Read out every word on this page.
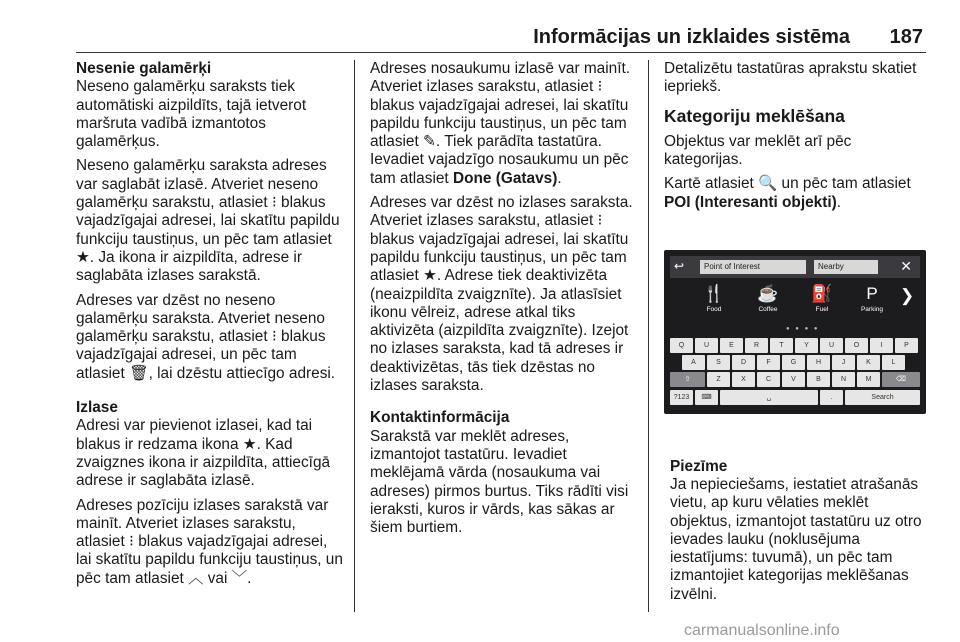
Informācijas un izklaides sistēma 187
Nesenie galamērķi

Neseno galamērķu saraksts tiek automātiski aizpildīts, tajā ietverot maršruta vadībā izmantotos galamērķus.

Neseno galamērķu saraksta adreses var saglabāt izlasē. Atveriet neseno galamērķu sarakstu, atlasiet ⁝ blakus vajadzīgajai adresei, lai skatītu papildu funkciju taustiņus, un pēc tam atlasiet ★. Ja ikona ir aizpildīta, adrese ir saglabāta izlases sarakstā.

Adreses var dzēst no neseno galamērķu saraksta. Atveriet neseno galamērķu sarakstu, atlasiet ⁝ blakus vajadzīgajai adresei, un pēc tam atlasiet 🗑, lai dzēstu attiecīgo adresi.

Izlase

Adresi var pievienot izlasei, kad tai blakus ir redzama ikona ★. Kad zvaigznes ikona ir aizpildīta, attiecīgā adrese ir saglabāta izlasē.

Adreses pozīciju izlases sarakstā var mainīt. Atveriet izlases sarakstu, atlasiet ⁝ blakus vajadzīgajai adresei, lai skatītu papildu funkciju taustiņus, un pēc tam atlasiet ︿ vai ﹀.

Adreses nosaukumu izlasē var mainīt. Atveriet izlases sarakstu, atlasiet ⁝ blakus vajadzīgajai adresei, lai skatītu papildu funkciju taustiņus, un pēc tam atlasiet ✎. Tiek parādīta tastatūra. Ievadiet vajadzīgo nosaukumu un pēc tam atlasiet Done (Gatavs).

Adreses var dzēst no izlases saraksta. Atveriet izlases sarakstu, atlasiet ⁝ blakus vajadzīgajai adresei, lai skatītu papildu funkciju taustiņus, un pēc tam atlasiet ★. Adrese tiek deaktivizēta (neaizpildīta zvaigznīte). Ja atlasīsiet ikonu vēlreiz, adrese atkal tiks aktivizēta (aizpildīta zvaigznīte). Izejot no izlases saraksta, kad tā adreses ir deaktivizētas, tās tiek dzēstas no izlases saraksta.

Kontaktinformācija

Sarakstā var meklēt adreses, izmantojot tastatūru. Ievadiet meklējamā vārda (nosaukuma vai adreses) pirmos burtus. Tiks rādīti visi ieraksti, kuros ir vārds, kas sākas ar šiem burtiem.

Detalizētu tastatūras aprakstu skatiet iepriekš.

Kategoriju meklēšana

Objektus var meklēt arī pēc kategorijas.

Kartē atlasiet 🔍 un pēc tam atlasiet POI (Interesanti objekti).

↩	Point of Interest	Nearby	✕
🍴
Food
☕
Coffee
⛽
Fuel
P
Parking
❯
● ● ● ●
Q	U	E	R	T	Y	U	O	I	P
A	S	D	F	G	H	J	K	L
⇧	Z	X	C	V	B	N	M	⌫
?123	⌨	␣	.	Search
Piezīme
Ja nepieciešams, iestatiet atrašanās vietu, ap kuru vēlaties meklēt objektus, izmantojot tastatūru uz otro ievades lauku (noklusējuma iestatījums: tuvumā), un pēc tam izmantojiet kategorijas meklēšanas izvēlni.
carmanualsonline.info
